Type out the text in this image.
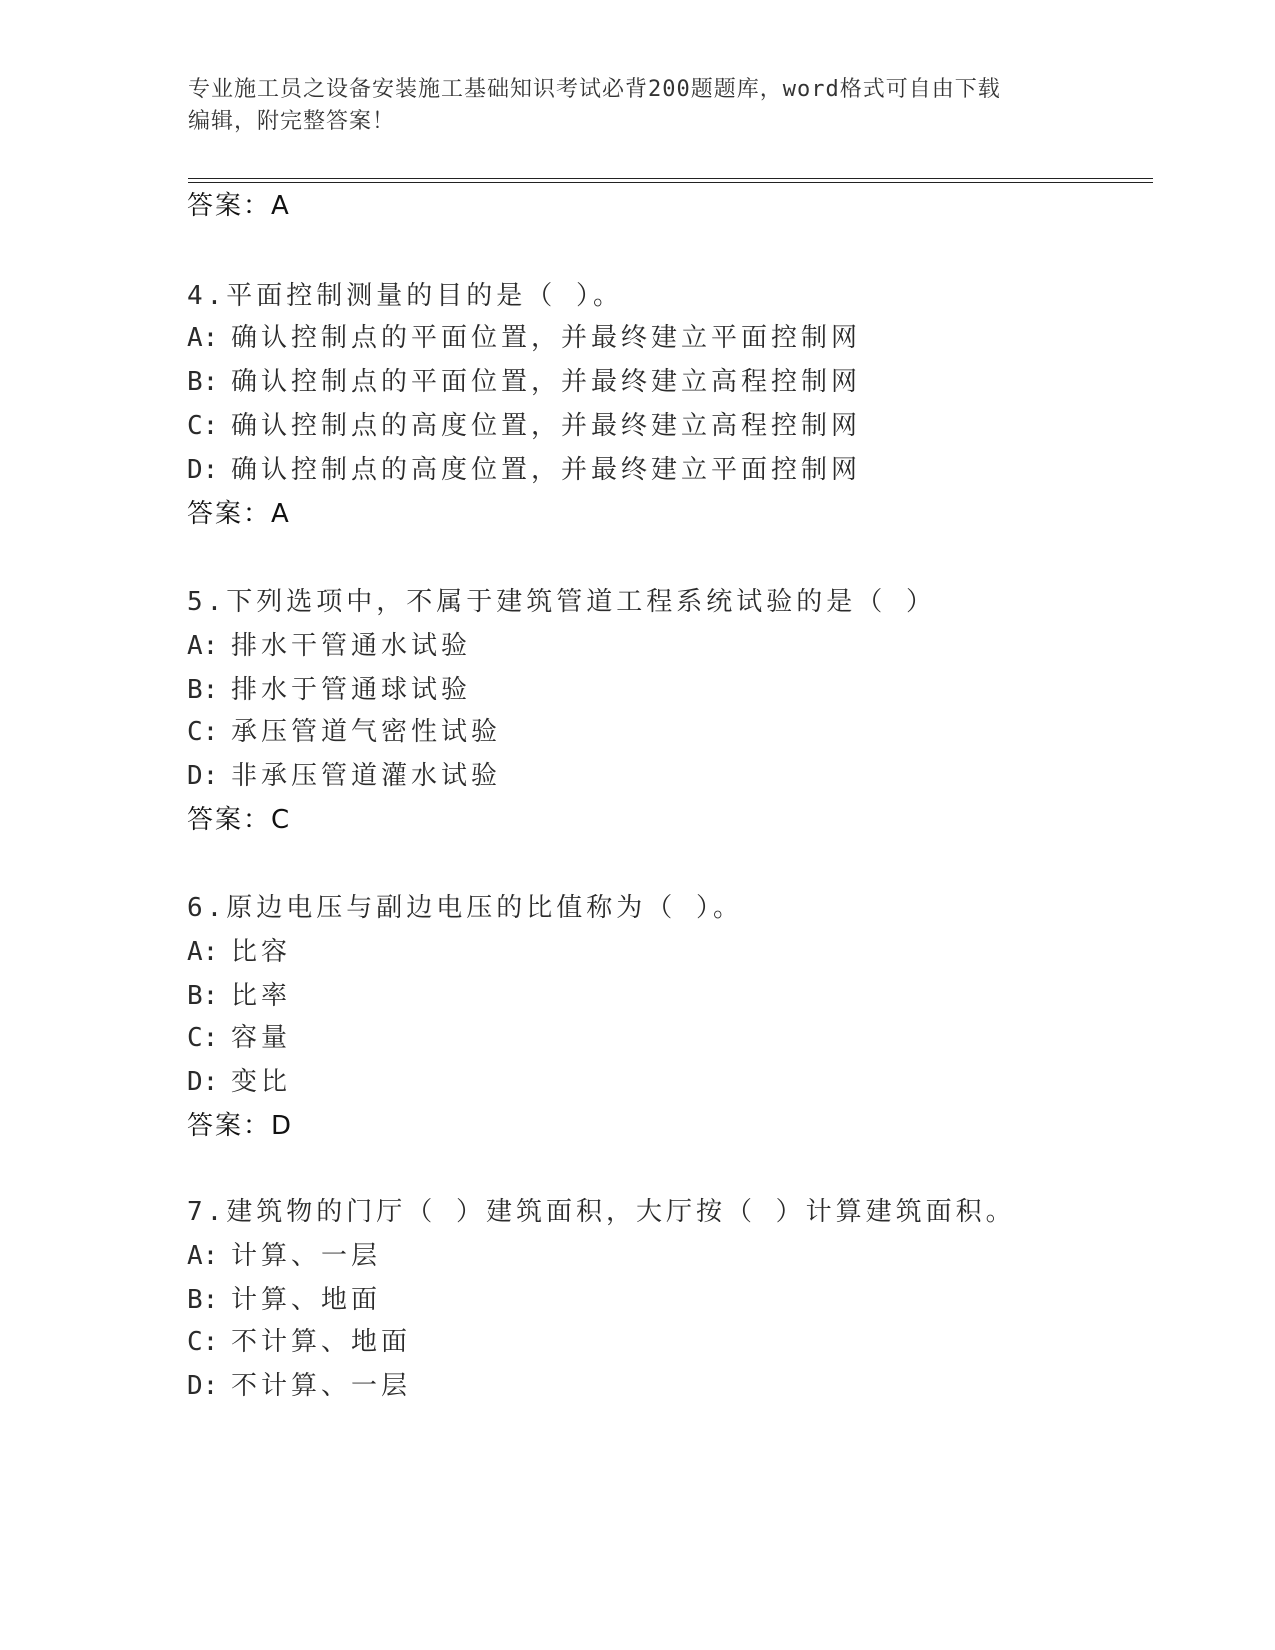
专业施工员之设备安装施工基础知识考试必背200题题库，word格式可自由下载
编辑，附完整答案！
答案：A
4.平面控制测量的目的是（ ）。
A: 确认控制点的平面位置，并最终建立平面控制网
B: 确认控制点的平面位置，并最终建立高程控制网
C: 确认控制点的高度位置，并最终建立高程控制网
D: 确认控制点的高度位置，并最终建立平面控制网
答案：A
5.下列选项中，不属于建筑管道工程系统试验的是（ ）
A: 排水干管通水试验
B: 排水于管通球试验
C: 承压管道气密性试验
D: 非承压管道灌水试验
答案：C
6.原边电压与副边电压的比值称为（ ）。
A: 比容
B: 比率
C: 容量
D: 变比
答案：D
7.建筑物的门厅（ ）建筑面积，大厅按（ ）计算建筑面积。
A: 计算、一层
B: 计算、地面
C: 不计算、地面
D: 不计算、一层
